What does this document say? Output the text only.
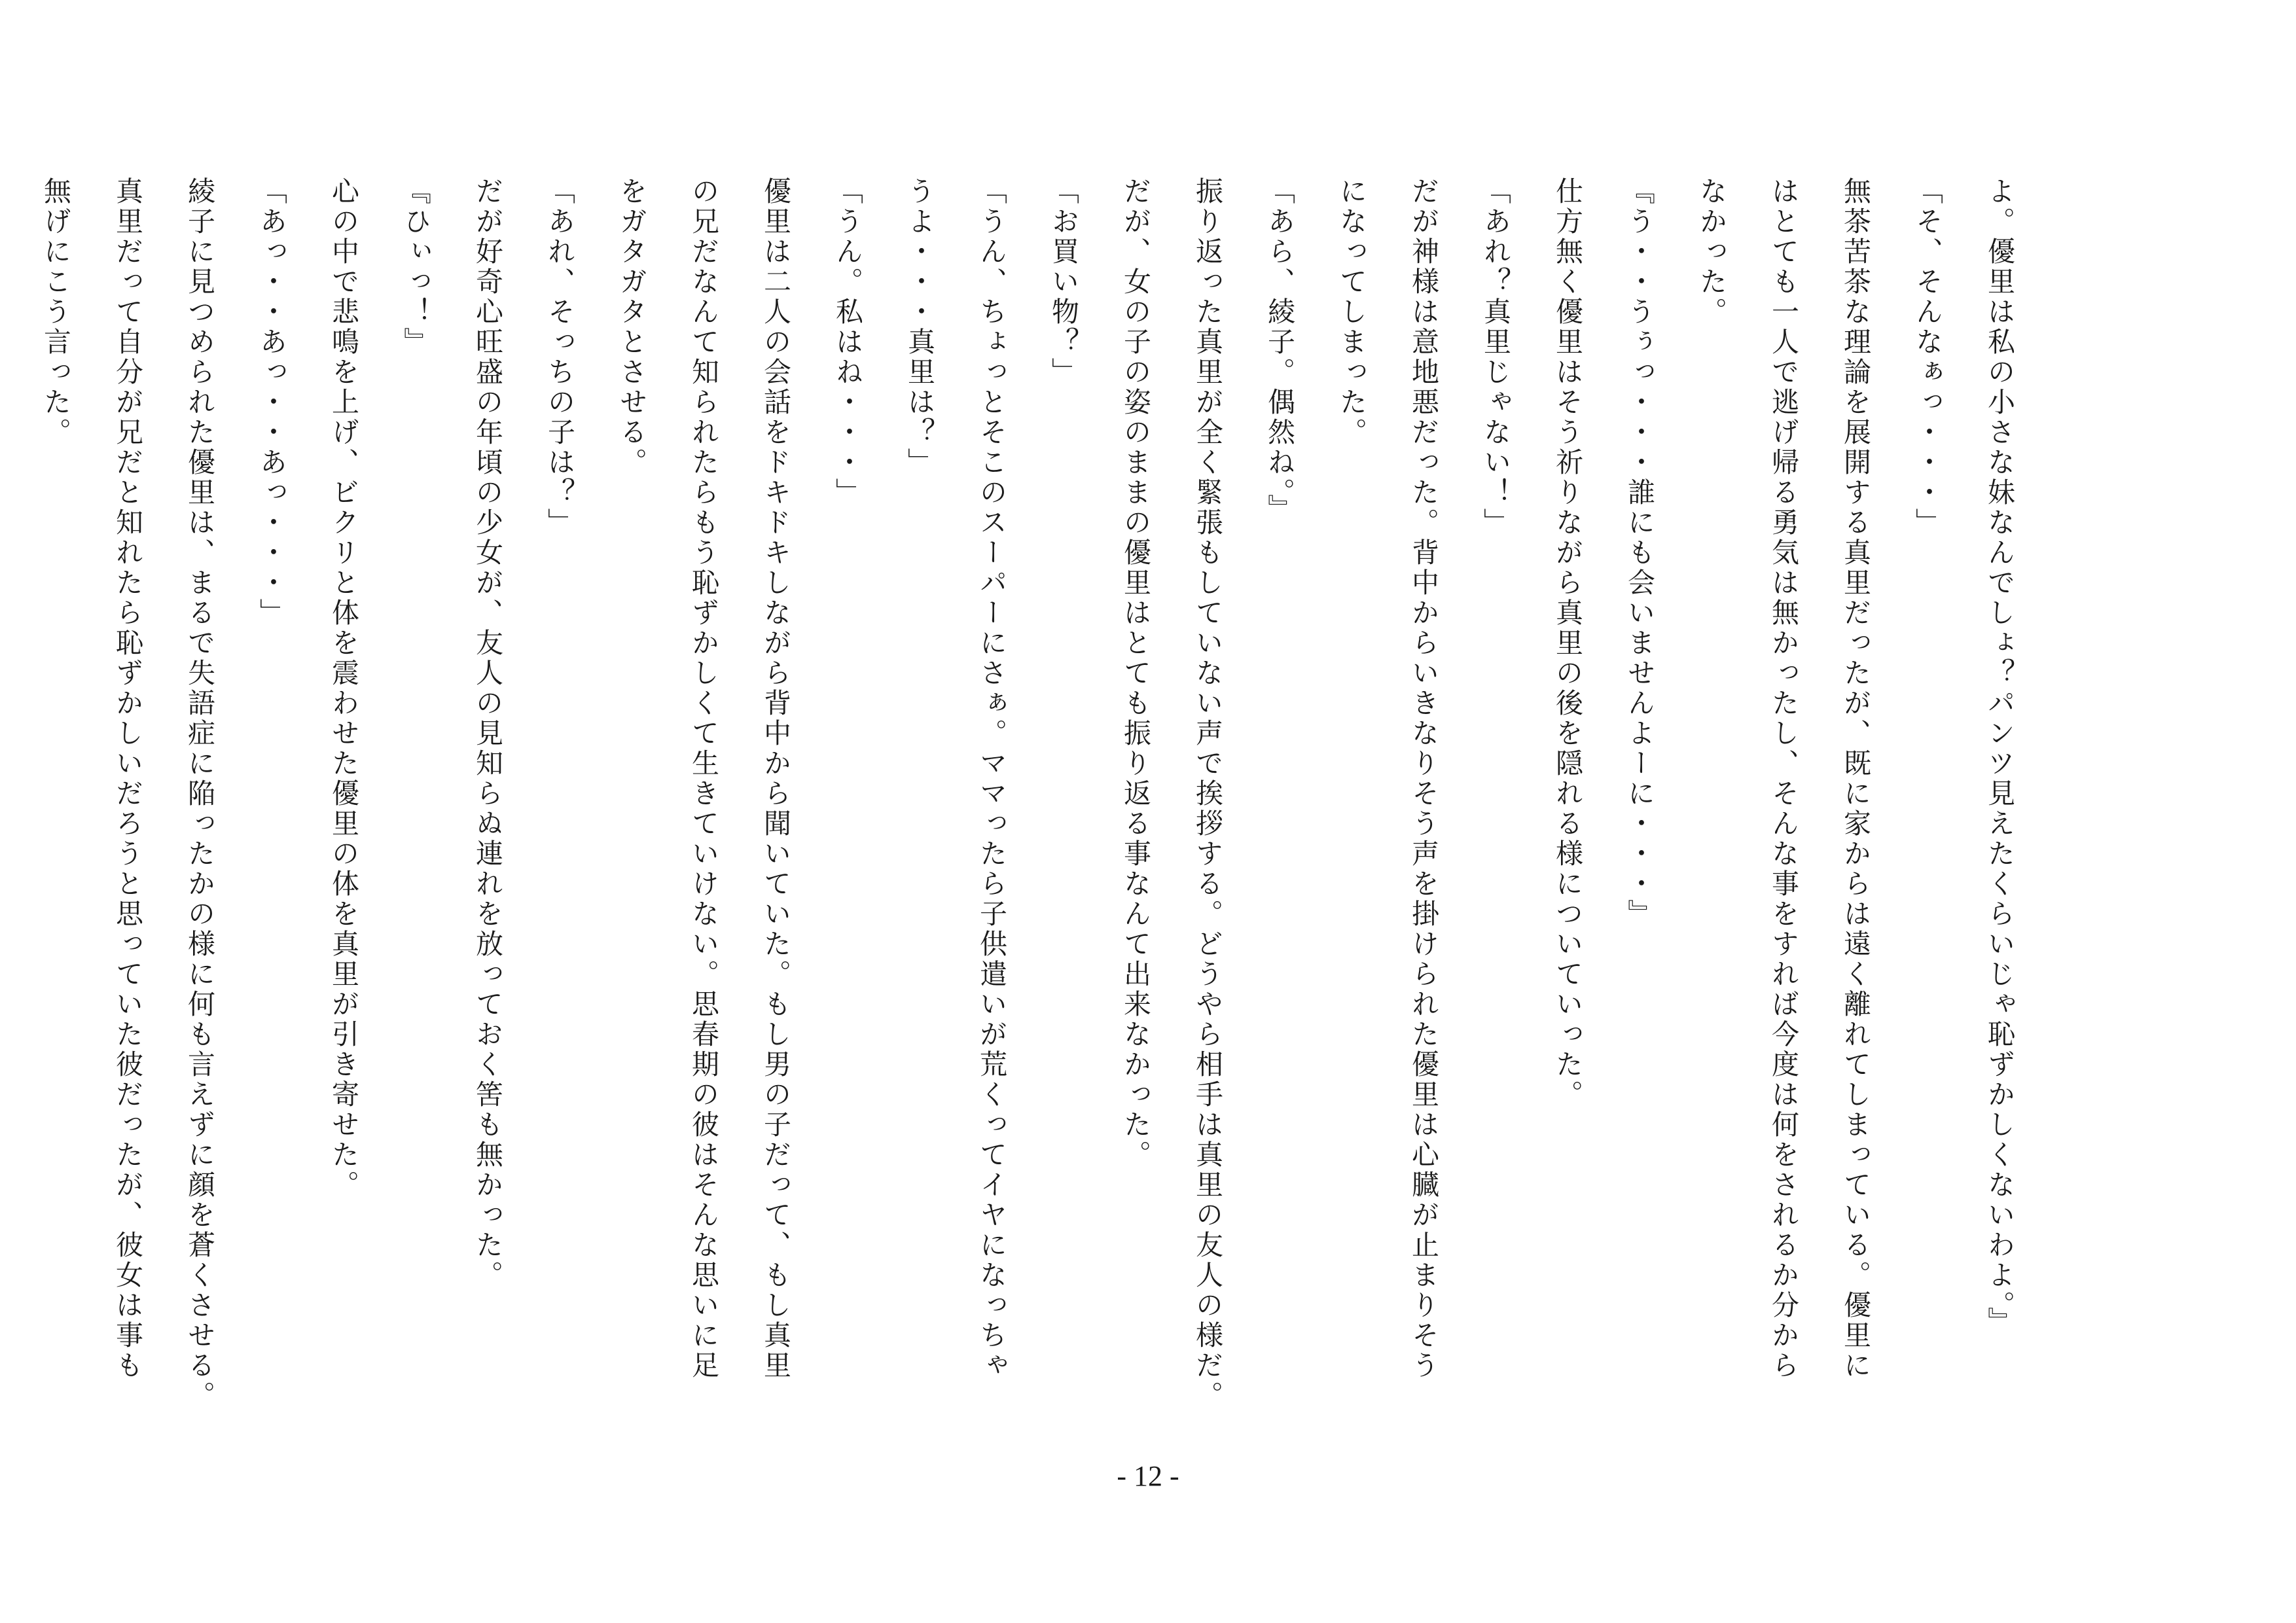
よ。優里は私の小さな妹なんでしょ？パンツ見えたくらいじゃ恥ずかしくないわよ。』
「そ、そんなぁっ・・・」
無茶苦茶な理論を展開する真里だったが、既に家からは遠く離れてしまっている。優里に
はとても一人で逃げ帰る勇気は無かったし、そんな事をすれば今度は何をされるか分から
なかった。
『う・・うぅっ・・・誰にも会いませんよーに・・・』
仕方無く優里はそう祈りながら真里の後を隠れる様についていった。
「あれ？真里じゃない！」
だが神様は意地悪だった。背中からいきなりそう声を掛けられた優里は心臓が止まりそう
になってしまった。
「あら、綾子。偶然ね。』
振り返った真里が全く緊張もしていない声で挨拶する。どうやら相手は真里の友人の様だ。
だが、女の子の姿のままの優里はとても振り返る事なんて出来なかった。
「お買い物？」
「うん、ちょっとそこのスーパーにさぁ。ママったら子供遣いが荒くってイヤになっちゃ
うよ・・・真里は？」
「うん。私はね・・・」
優里は二人の会話をドキドキしながら背中から聞いていた。もし男の子だって、もし真里
の兄だなんて知られたらもう恥ずかしくて生きていけない。思春期の彼はそんな思いに足
をガタガタとさせる。
「あれ、そっちの子は？」
だが好奇心旺盛の年頃の少女が、友人の見知らぬ連れを放っておく筈も無かった。
『ひぃっ！』
心の中で悲鳴を上げ、ビクリと体を震わせた優里の体を真里が引き寄せた。
「あっ・・あっ・・あっ・・・」
綾子に見つめられた優里は、まるで失語症に陥ったかの様に何も言えずに顔を蒼くさせる。
真里だって自分が兄だと知れたら恥ずかしいだろうと思っていた彼だったが、彼女は事も
無げにこう言った。
- 12 -
